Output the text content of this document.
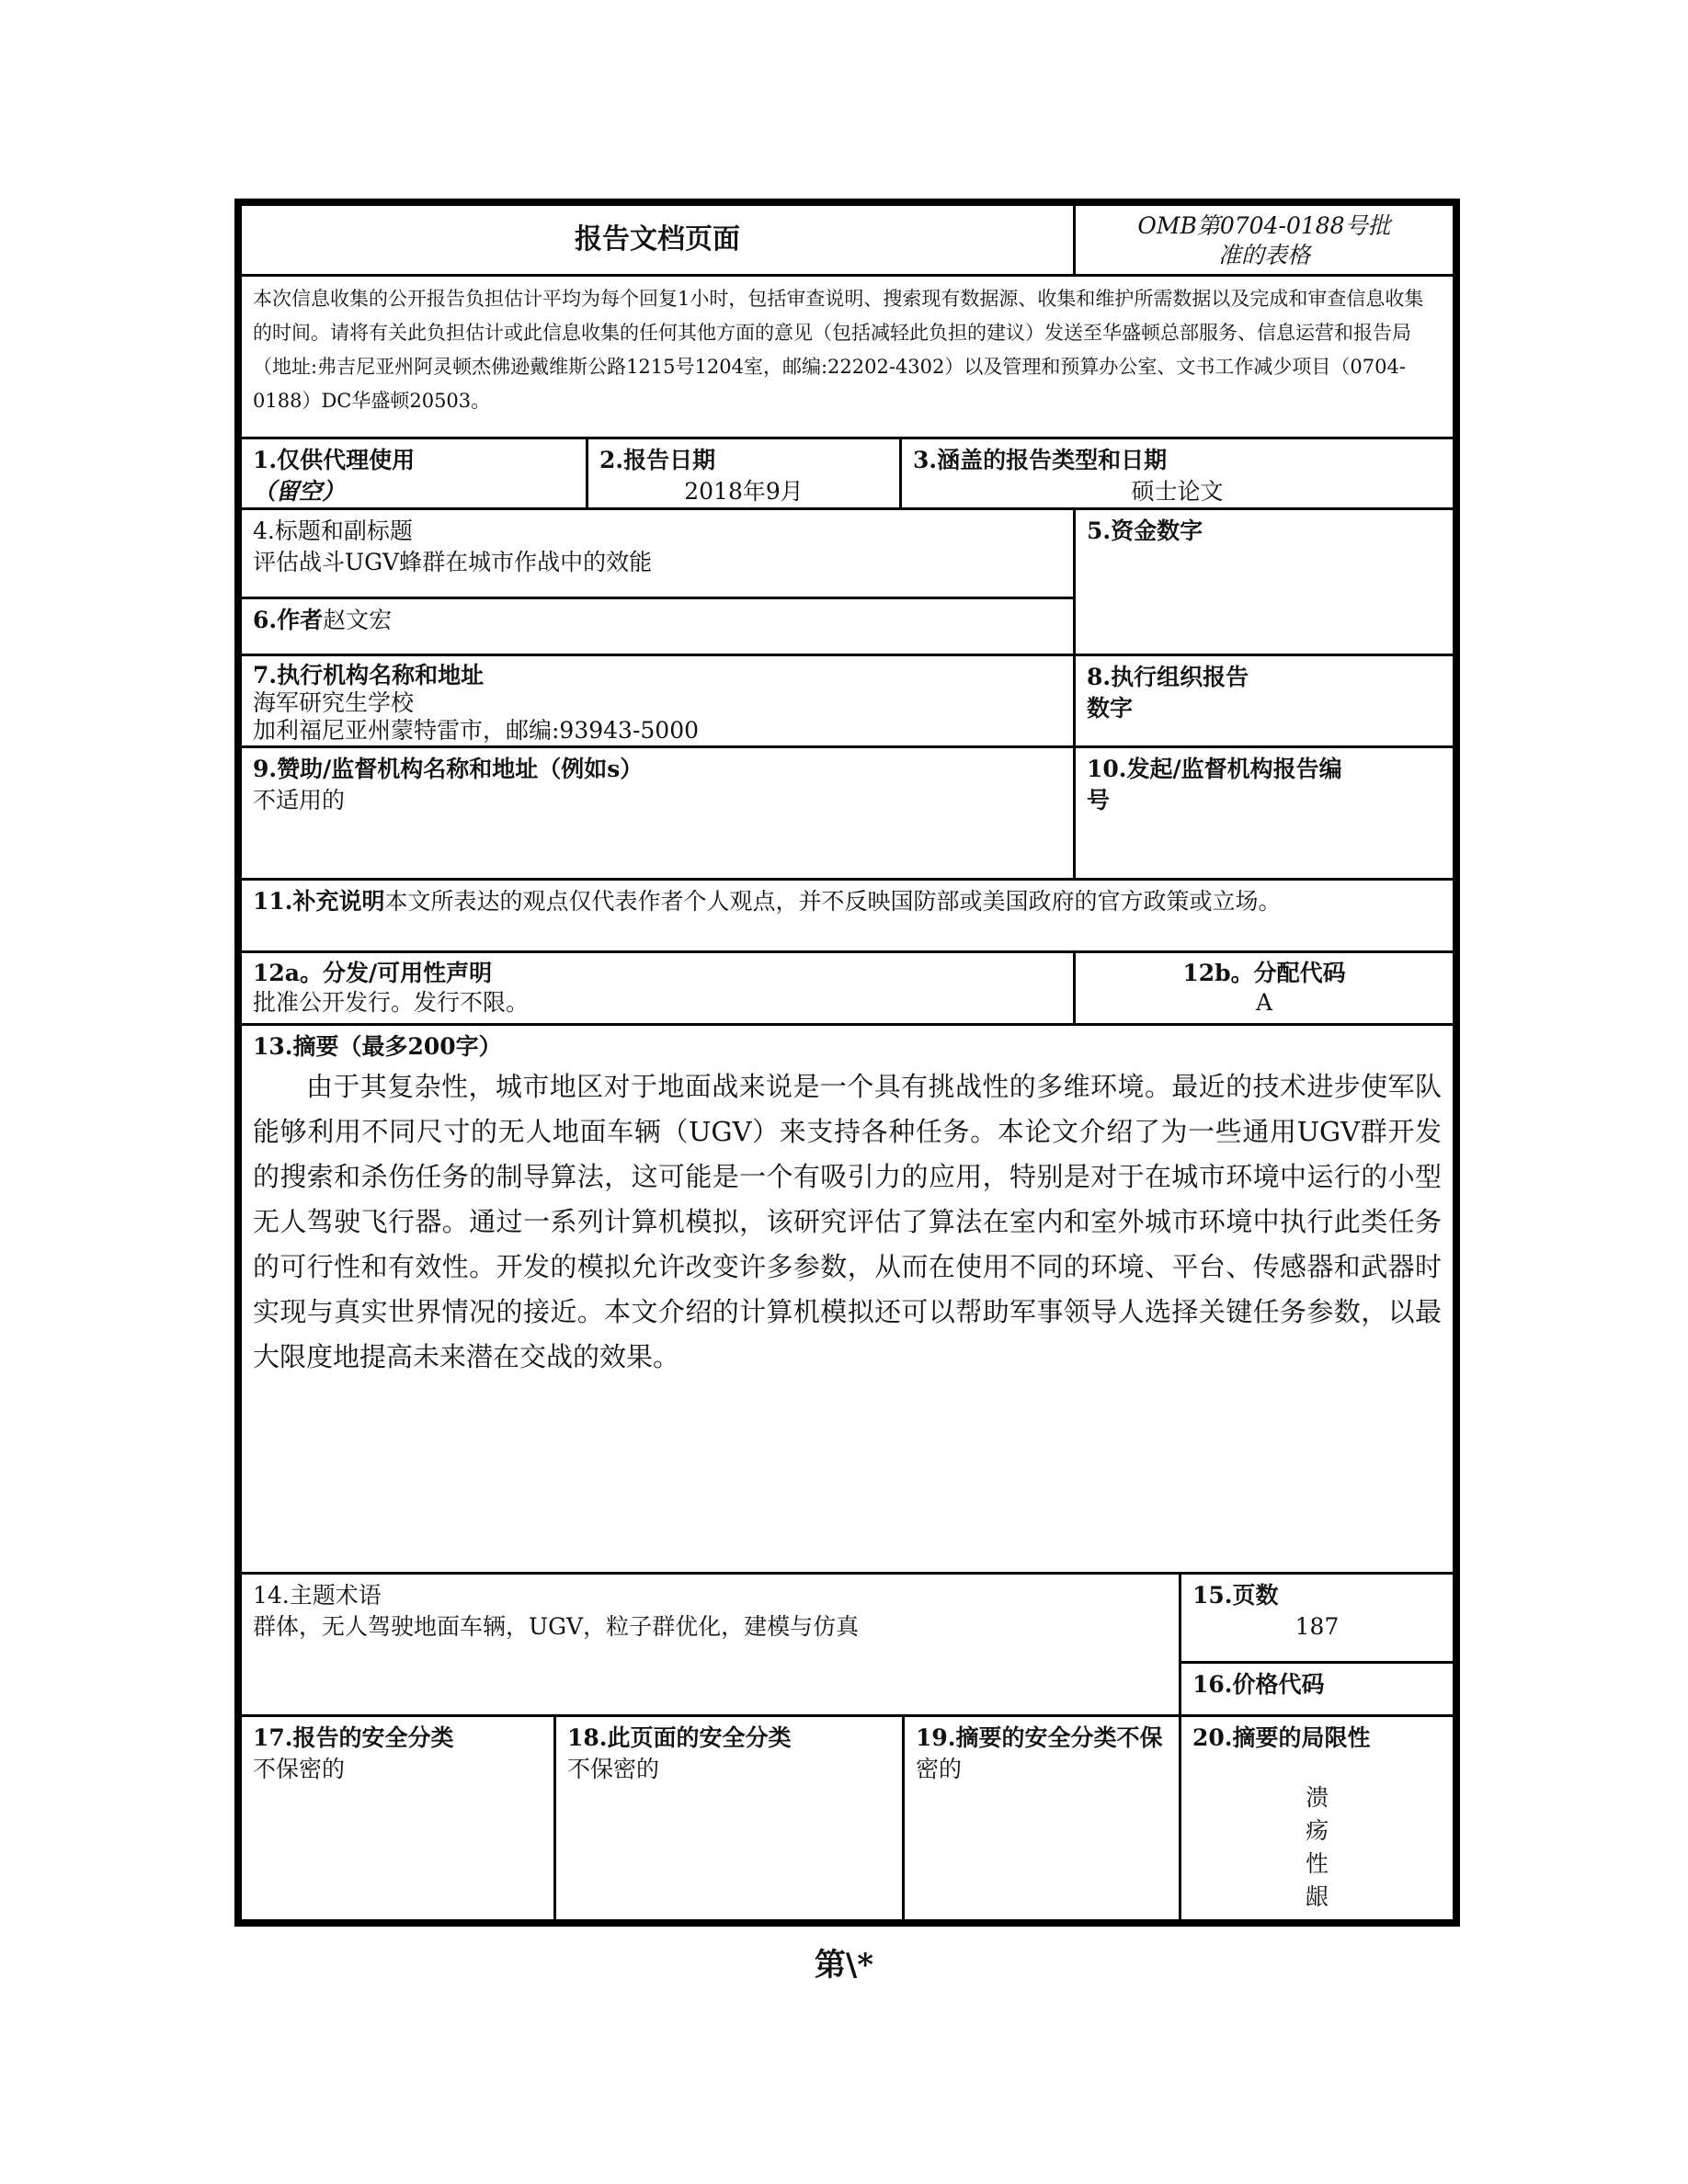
报告文档页面	OMB第0704-0188号批
准的表格
本次信息收集的公开报告负担估计平均为每个回复1小时，包括审查说明、搜索现有数据源、收集和维护所需数据以及完成和审查信息收集的时间。请将有关此负担估计或此信息收集的任何其他方面的意见（包括减轻此负担的建议）发送至华盛顿总部服务、信息运营和报告局（地址:弗吉尼亚州阿灵顿杰佛逊戴维斯公路1215号1204室，邮编:22202-4302）以及管理和预算办公室、文书工作减少项目（0704-0188）DC华盛顿20503。
1.仅供代理使用
（留空）
2.报告日期
2018年9月
3.涵盖的报告类型和日期
硕士论文
4.标题和副标题
评估战斗UGV蜂群在城市作战中的效能
5.资金数字
6.作者赵文宏
7.执行机构名称和地址
海军研究生学校
加利福尼亚州蒙特雷市，邮编:93943-5000
8.执行组织报告
数字
9.赞助/监督机构名称和地址（例如s）
不适用的
10.发起/监督机构报告编
号
11.补充说明本文所表达的观点仅代表作者个人观点，并不反映国防部或美国政府的官方政策或立场。
12a。分发/可用性声明
批准公开发行。发行不限。
12b。分配代码
A
13.摘要（最多200字）
由于其复杂性，城市地区对于地面战来说是一个具有挑战性的多维环境。最近的技术进步使军队能够利用不同尺寸的无人地面车辆（UGV）来支持各种任务。本论文介绍了为一些通用UGV群开发的搜索和杀伤任务的制导算法，这可能是一个有吸引力的应用，特别是对于在城市环境中运行的小型无人驾驶飞行器。通过一系列计算机模拟，该研究评估了算法在室内和室外城市环境中执行此类任务的可行性和有效性。开发的模拟允许改变许多参数，从而在使用不同的环境、平台、传感器和武器时实现与真实世界情况的接近。本文介绍的计算机模拟还可以帮助军事领导人选择关键任务参数，以最大限度地提高未来潜在交战的效果。
14.主题术语
群体，无人驾驶地面车辆，UGV，粒子群优化，建模与仿真
15.页数
187
16.价格代码
17.报告的安全分类
不保密的
18.此页面的安全分类
不保密的
19.摘要的安全分类不保
密的
20.摘要的局限性
溃
疡
性
龈
第\*
